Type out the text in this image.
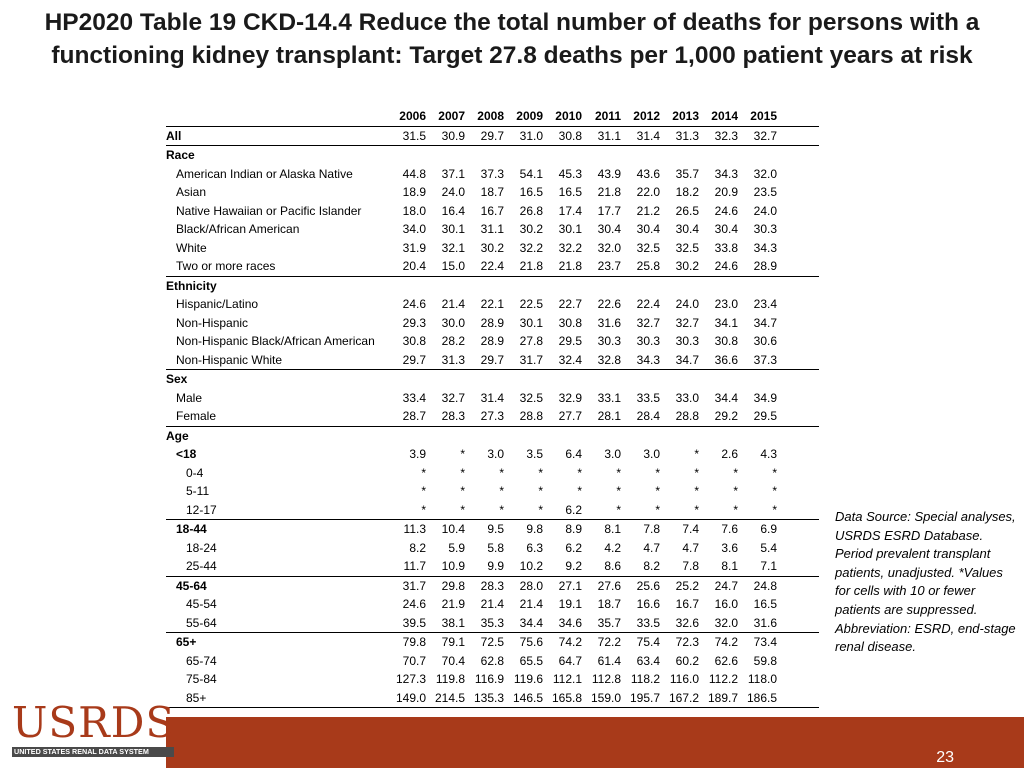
HP2020 Table 19 CKD-14.4 Reduce the total number of deaths for persons with a
functioning kidney transplant: Target 27.8 deaths per 1,000 patient years at risk
2006	2007	2008	2009	2010	2011	2012	2013	2014	2015
All	31.5	30.9	29.7	31.0	30.8	31.1	31.4	31.3	32.3	32.7
Race
American Indian or Alaska Native	44.8	37.1	37.3	54.1	45.3	43.9	43.6	35.7	34.3	32.0
Asian	18.9	24.0	18.7	16.5	16.5	21.8	22.0	18.2	20.9	23.5
Native Hawaiian or Pacific Islander	18.0	16.4	16.7	26.8	17.4	17.7	21.2	26.5	24.6	24.0
Black/African American	34.0	30.1	31.1	30.2	30.1	30.4	30.4	30.4	30.4	30.3
White	31.9	32.1	30.2	32.2	32.2	32.0	32.5	32.5	33.8	34.3
Two or more races	20.4	15.0	22.4	21.8	21.8	23.7	25.8	30.2	24.6	28.9
Ethnicity
Hispanic/Latino	24.6	21.4	22.1	22.5	22.7	22.6	22.4	24.0	23.0	23.4
Non-Hispanic	29.3	30.0	28.9	30.1	30.8	31.6	32.7	32.7	34.1	34.7
Non-Hispanic Black/African American	30.8	28.2	28.9	27.8	29.5	30.3	30.3	30.3	30.8	30.6
Non-Hispanic White	29.7	31.3	29.7	31.7	32.4	32.8	34.3	34.7	36.6	37.3
Sex
Male	33.4	32.7	31.4	32.5	32.9	33.1	33.5	33.0	34.4	34.9
Female	28.7	28.3	27.3	28.8	27.7	28.1	28.4	28.8	29.2	29.5
Age
<18	3.9	*	3.0	3.5	6.4	3.0	3.0	*	2.6	4.3
0-4	*	*	*	*	*	*	*	*	*	*
5-11	*	*	*	*	*	*	*	*	*	*
12-17	*	*	*	*	6.2	*	*	*	*	*
18-44	11.3	10.4	9.5	9.8	8.9	8.1	7.8	7.4	7.6	6.9
18-24	8.2	5.9	5.8	6.3	6.2	4.2	4.7	4.7	3.6	5.4
25-44	11.7	10.9	9.9	10.2	9.2	8.6	8.2	7.8	8.1	7.1
45-64	31.7	29.8	28.3	28.0	27.1	27.6	25.6	25.2	24.7	24.8
45-54	24.6	21.9	21.4	21.4	19.1	18.7	16.6	16.7	16.0	16.5
55-64	39.5	38.1	35.3	34.4	34.6	35.7	33.5	32.6	32.0	31.6
65+	79.8	79.1	72.5	75.6	74.2	72.2	75.4	72.3	74.2	73.4
65-74	70.7	70.4	62.8	65.5	64.7	61.4	63.4	60.2	62.6	59.8
75-84	127.3 119.8 116.9 119.6 112.1 112.8 118.2 116.0 112.2 118.0
85+	149.0 214.5 135.3 146.5 165.8 159.0 195.7 167.2 189.7 186.5
Data Source: Special analyses, USRDS ESRD Database. Period prevalent transplant patients, unadjusted. *Values for cells with 10 or fewer patients are suppressed. Abbreviation: ESRD, end-stage renal disease.
23
USRDS
UNITED STATES RENAL DATA SYSTEM
